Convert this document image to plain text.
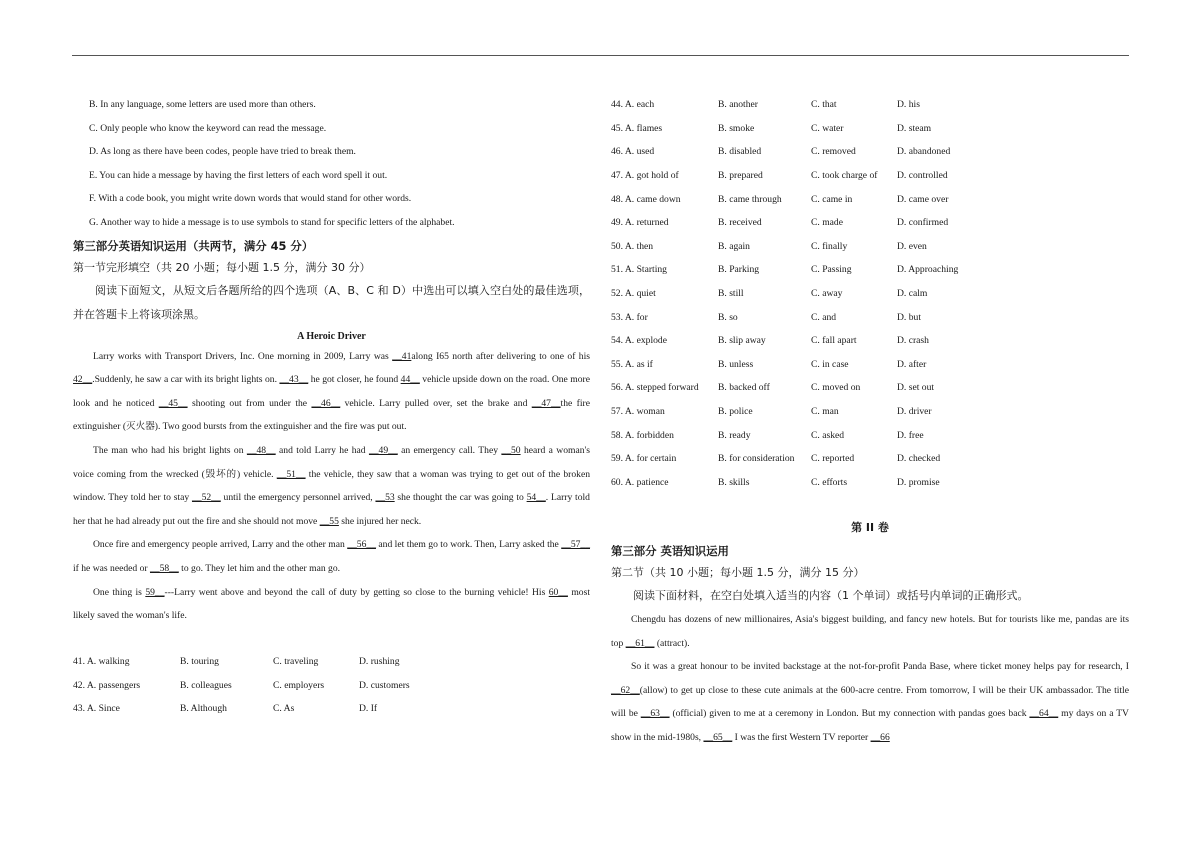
B. In any language, some letters are used more than others.
C. Only people who know the keyword can read the message.
D. As long as there have been codes, people have tried to break them.
E. You can hide a message by having the first letters of each word spell it out.
F. With a code book, you might write down words that would stand for other words.
G. Another way to hide a message is to use symbols to stand for specific letters of the alphabet.
第三部分英语知识运用（共两节，满分 45 分）
第一节完形填空（共 20 小题；每小题 1.5 分，满分 30 分）
阅读下面短文，从短文后各题所给的四个选项（A、B、C 和 D）中选出可以填入空白处的最佳选项，并在答题卡上将该项涂黑。
A Heroic Driver
Larry works with Transport Drivers, Inc. One morning in 2009, Larry was __41along I65 north after delivering to one of his 42__.Suddenly, he saw a car with its bright lights on. __43__ he got closer, he found 44__ vehicle upside down on the road. One more look and he noticed __45__ shooting out from under the __46__ vehicle. Larry pulled over, set the brake and __47__the fire extinguisher (灭火器). Two good bursts from the extinguisher and the fire was put out.
The man who had his bright lights on __48__ and told Larry he had __49__ an emergency call. They __50 heard a woman's voice coming from the wrecked (毁坏的) vehicle. __51__ the vehicle, they saw that a woman was trying to get out of the broken window. They told her to stay __52__ until the emergency personnel arrived, __53 she thought the car was going to 54__. Larry told her that he had already put out the fire and she should not move __55 she injured her neck.
Once fire and emergency people arrived, Larry and the other man __56__ and let them go to work. Then, Larry asked the __57__ if he was needed or __58__ to go. They let him and the other man go.
One thing is 59__---Larry went above and beyond the call of duty by getting so close to the burning vehicle! His 60__ most likely saved the woman's life.
41. A. walking	B. touring	C. traveling	D. rushing
42. A. passengers	B. colleagues	C. employers	D. customers
43. A. Since	B. Although	C. As	D. If
44. A. each	B. another	C. that	D. his
45. A. flames	B. smoke	C. water	D. steam
46. A. used	B. disabled	C. removed	D. abandoned
47. A. got hold of	B. prepared	C. took charge of	D. controlled
48. A. came down	B. came through	C. came in	D. came over
49. A. returned	B. received	C. made	D. confirmed
50. A. then	B. again	C. finally	D. even
51. A. Starting	B. Parking	C. Passing	D. Approaching
52. A. quiet	B. still	C. away	D. calm
53. A. for	B. so	C. and	D. but
54. A. explode	B. slip away	C. fall apart	D. crash
55. A. as if	B. unless	C. in case	D. after
56. A. stepped forward	B. backed off	C. moved on	D. set out
57. A. woman	B. police	C. man	D. driver
58. A. forbidden	B. ready	C. asked	D. free
59. A. for certain	B. for consideration	C. reported	D. checked
60. A. patience	B. skills	C. efforts	D. promise
第 II 卷
第三部分 英语知识运用
第二节（共 10 小题；每小题 1.5 分，满分 15 分）
阅读下面材料，在空白处填入适当的内容（1 个单词）或括号内单词的正确形式。
Chengdu has dozens of new millionaires, Asia's biggest building, and fancy new hotels. But for tourists like me, pandas are its top __61__ (attract).
So it was a great honour to be invited backstage at the not-for-profit Panda Base, where ticket money helps pay for research, I __62__(allow) to get up close to these cute animals at the 600-acre centre. From tomorrow, I will be their UK ambassador. The title will be __63__ (official) given to me at a ceremony in London. But my connection with pandas goes back __64__ my days on a TV show in the mid-1980s, __65__ I was the first Western TV reporter __66
